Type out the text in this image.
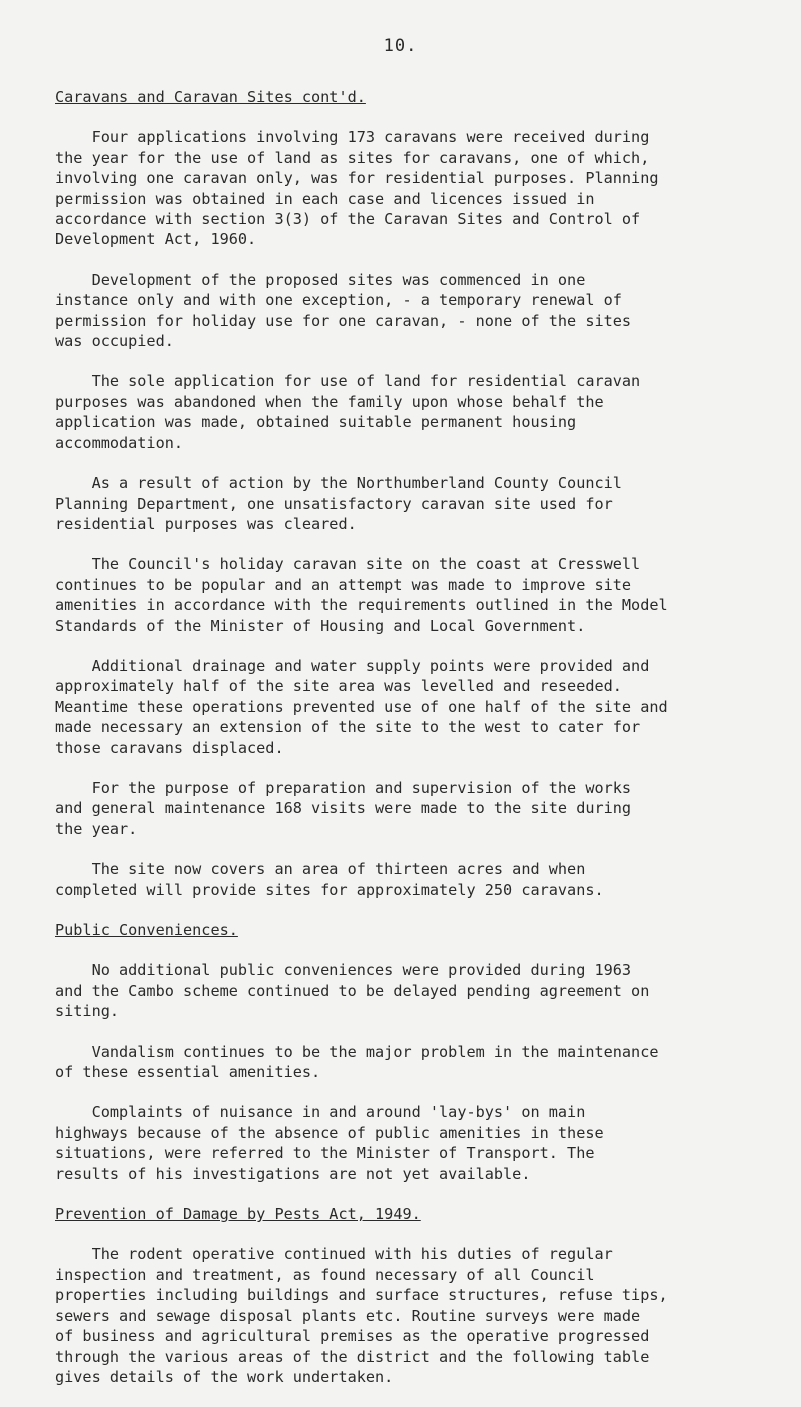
10.
Caravans and Caravan Sites cont'd.
Four applications involving 173 caravans were received during
the year for the use of land as sites for caravans, one of which,
involving one caravan only, was for residential purposes. Planning
permission was obtained in each case and licences issued in
accordance with section 3(3) of the Caravan Sites and Control of
Development Act, 1960.
Development of the proposed sites was commenced in one
instance only and with one exception, - a temporary renewal of
permission for holiday use for one caravan, - none of the sites
was occupied.
The sole application for use of land for residential caravan
purposes was abandoned when the family upon whose behalf the
application was made, obtained suitable permanent housing
accommodation.
As a result of action by the Northumberland County Council
Planning Department, one unsatisfactory caravan site used for
residential purposes was cleared.
The Council's holiday caravan site on the coast at Cresswell
continues to be popular and an attempt was made to improve site
amenities in accordance with the requirements outlined in the Model
Standards of the Minister of Housing and Local Government.
Additional drainage and water supply points were provided and
approximately half of the site area was levelled and reseeded.
Meantime these operations prevented use of one half of the site and
made necessary an extension of the site to the west to cater for
those caravans displaced.
For the purpose of preparation and supervision of the works
and general maintenance 168 visits were made to the site during
the year.
The site now covers an area of thirteen acres and when
completed will provide sites for approximately 250 caravans.
Public Conveniences.
No additional public conveniences were provided during 1963
and the Cambo scheme continued to be delayed pending agreement on
siting.
Vandalism continues to be the major problem in the maintenance
of these essential amenities.
Complaints of nuisance in and around 'lay-bys' on main
highways because of the absence of public amenities in these
situations, were referred to the Minister of Transport. The
results of his investigations are not yet available.
Prevention of Damage by Pests Act, 1949.
The rodent operative continued with his duties of regular
inspection and treatment, as found necessary of all Council
properties including buildings and surface structures, refuse tips,
sewers and sewage disposal plants etc. Routine surveys were made
of business and agricultural premises as the operative progressed
through the various areas of the district and the following table
gives details of the work undertaken.
